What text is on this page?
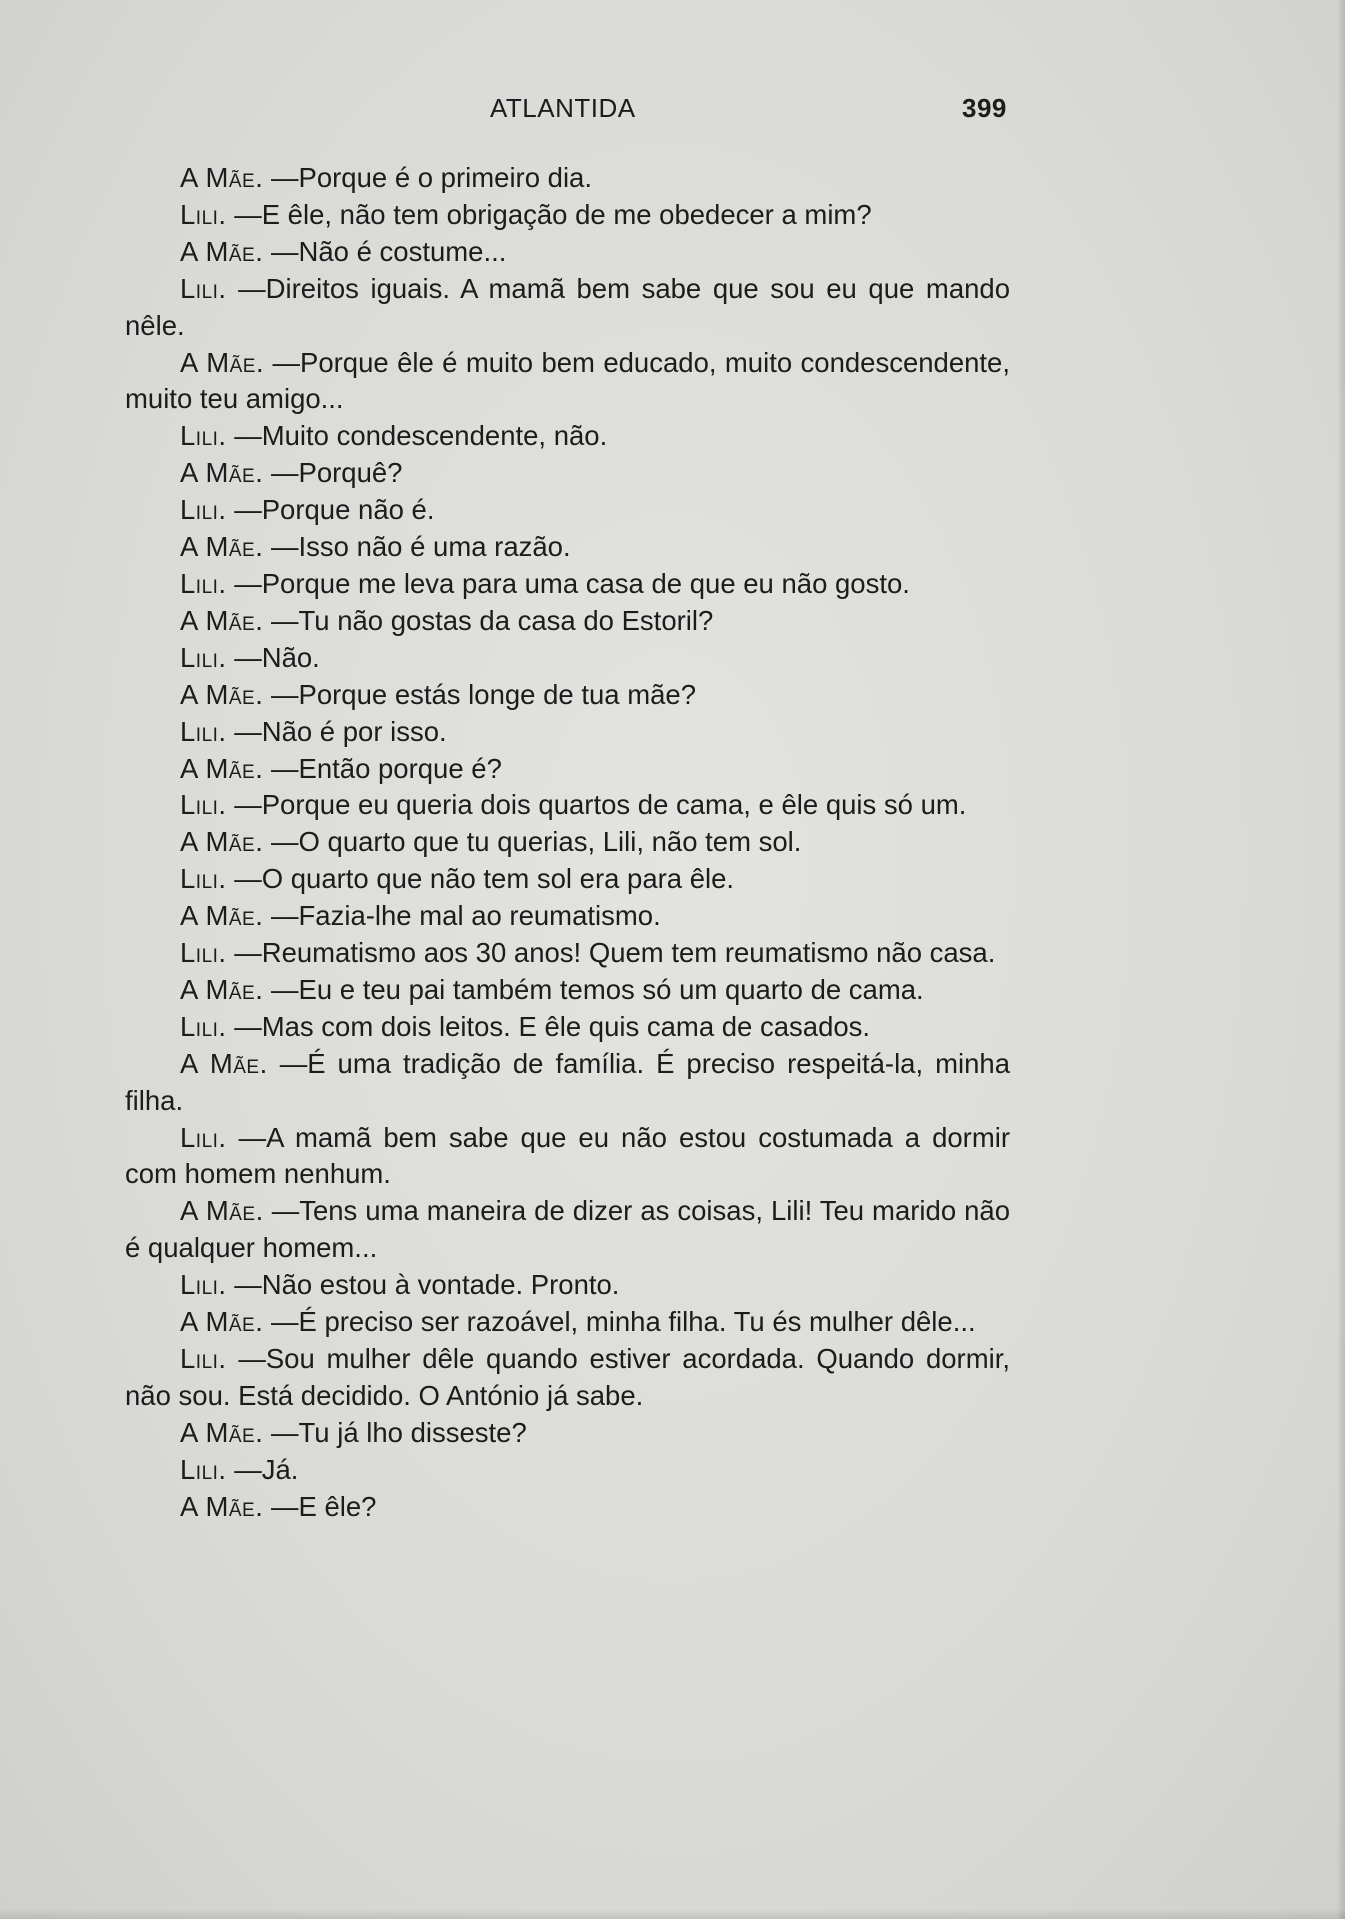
ATLANTIDA	399

A Mãe. —Porque é o primeiro dia.

Lili. —E êle, não tem obrigação de me obedecer a mim?

A Mãe. —Não é costume...

Lili. —Direitos iguais. A mamã bem sabe que sou eu que mando nêle.

A Mãe. —Porque êle é muito bem educado, muito condescendente, muito teu amigo...

Lili. —Muito condescendente, não.

A Mãe. —Porquê?

Lili. —Porque não é.

A Mãe. —Isso não é uma razão.

Lili. —Porque me leva para uma casa de que eu não gosto.

A Mãe. —Tu não gostas da casa do Estoril?

Lili. —Não.

A Mãe. —Porque estás longe de tua mãe?

Lili. —Não é por isso.

A Mãe. —Então porque é?

Lili. —Porque eu queria dois quartos de cama, e êle quis só um.

A Mãe. —O quarto que tu querias, Lili, não tem sol.

Lili. —O quarto que não tem sol era para êle.

A Mãe. —Fazia-lhe mal ao reumatismo.

Lili. —Reumatismo aos 30 anos! Quem tem reumatismo não casa.

A Mãe. —Eu e teu pai também temos só um quarto de cama.

Lili. —Mas com dois leitos. E êle quis cama de casados.

A Mãe. —É uma tradição de família. É preciso respeitá-la, minha filha.

Lili. —A mamã bem sabe que eu não estou costumada a dormir com homem nenhum.

A Mãe. —Tens uma maneira de dizer as coisas, Lili! Teu marido não é qualquer homem...

Lili. —Não estou à vontade. Pronto.

A Mãe. —É preciso ser razoável, minha filha. Tu és mulher dêle...

Lili. —Sou mulher dêle quando estiver acordada. Quando dormir, não sou. Está decidido. O António já sabe.

A Mãe. —Tu já lho disseste?

Lili. —Já.

A Mãe. —E êle?
